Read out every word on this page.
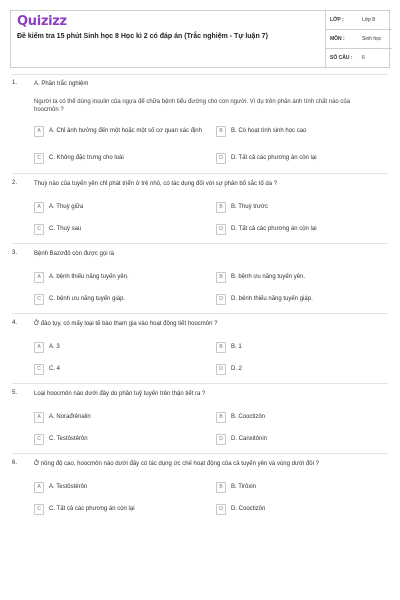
Quizizz
Đề kiểm tra 15 phút Sinh học 8 Học kì 2 có đáp án (Trắc nghiệm - Tự luận 7)
LỚP :	Lớp 8
MÔN :	Sinh học
SỐ CÂU : 6
1.	A. Phần trắc nghiệm
Người ta có thể dùng insulin của ngựa để chữa bệnh tiểu đường cho con người. Ví dụ trên phản ánh tính chất nào của hoocmôn ?
A	A. Chỉ ảnh hưởng đến một hoặc một số cơ quan xác định	B	B. Có hoạt tính sinh học cao
C	C. Không đặc trưng cho loài	D	D. Tất cả các phương án còn lại
2.	Thuỳ nào của tuyến yên chỉ phát triển ở trẻ nhỏ, có tác dụng đối với sự phân bố sắc tố da ?
A	A. Thuỳ giữa	B	B. Thuỳ trước
C	C. Thuỳ sau	D	D. Tất cả các phương án còn lại
3.	Bệnh Bazơđô còn được gọi là
A	A. bệnh thiếu năng tuyến yên.	B	B. bệnh ưu năng tuyến yên.
C	C. bệnh ưu năng tuyến giáp.	D	D. bệnh thiếu năng tuyến giáp.
4.	Ở đảo tụy, có mấy loại tế bào tham gia vào hoạt động tiết hoocmôn ?
A	A. 3	B	B. 1
C	C. 4	D	D. 2
5.	Loại hoocmôn nào dưới đây do phần tuỷ tuyến trên thận tiết ra ?
A	A. Norađrênalin	B	B. Cooctizôn
C	C. Testôstêrôn	D	D. Canxitônin
6.	Ở nồng độ cao, hoocmôn nào dưới đây có tác dụng ức chế hoạt động của cả tuyến yên và vùng dưới đồi ?
A	A. Testôstêrôn	B	B. Tirôxin
C	C. Tất cả các phương án còn lại	D	D. Cooctizôn
